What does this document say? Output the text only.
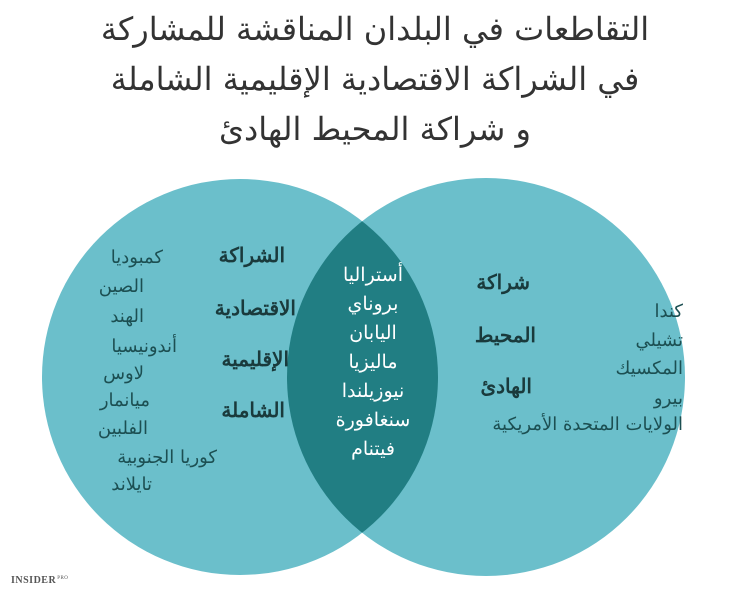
التقاطعات في البلدان المناقشة للمشاركة
في الشراكة الاقتصادية الإقليمية الشاملة
و شراكة المحيط الهادئ
الشراكة
الاقتصادية
الإقليمية
الشاملة
كمبوديا
الصين
الهند
أندونيسيا
لاوس
ميانمار
الفلبين
كوريا الجنوبية
تايلاند
أستراليا
بروناي
اليابان
ماليزيا
نيوزيلندا
سنغافورة
فيتنام
شراكة
المحيط
الهادئ
كندا
تشيلي
المكسيك
بيرو
الولايات المتحدة الأمريكية
$INSIDER^{PRO}$
